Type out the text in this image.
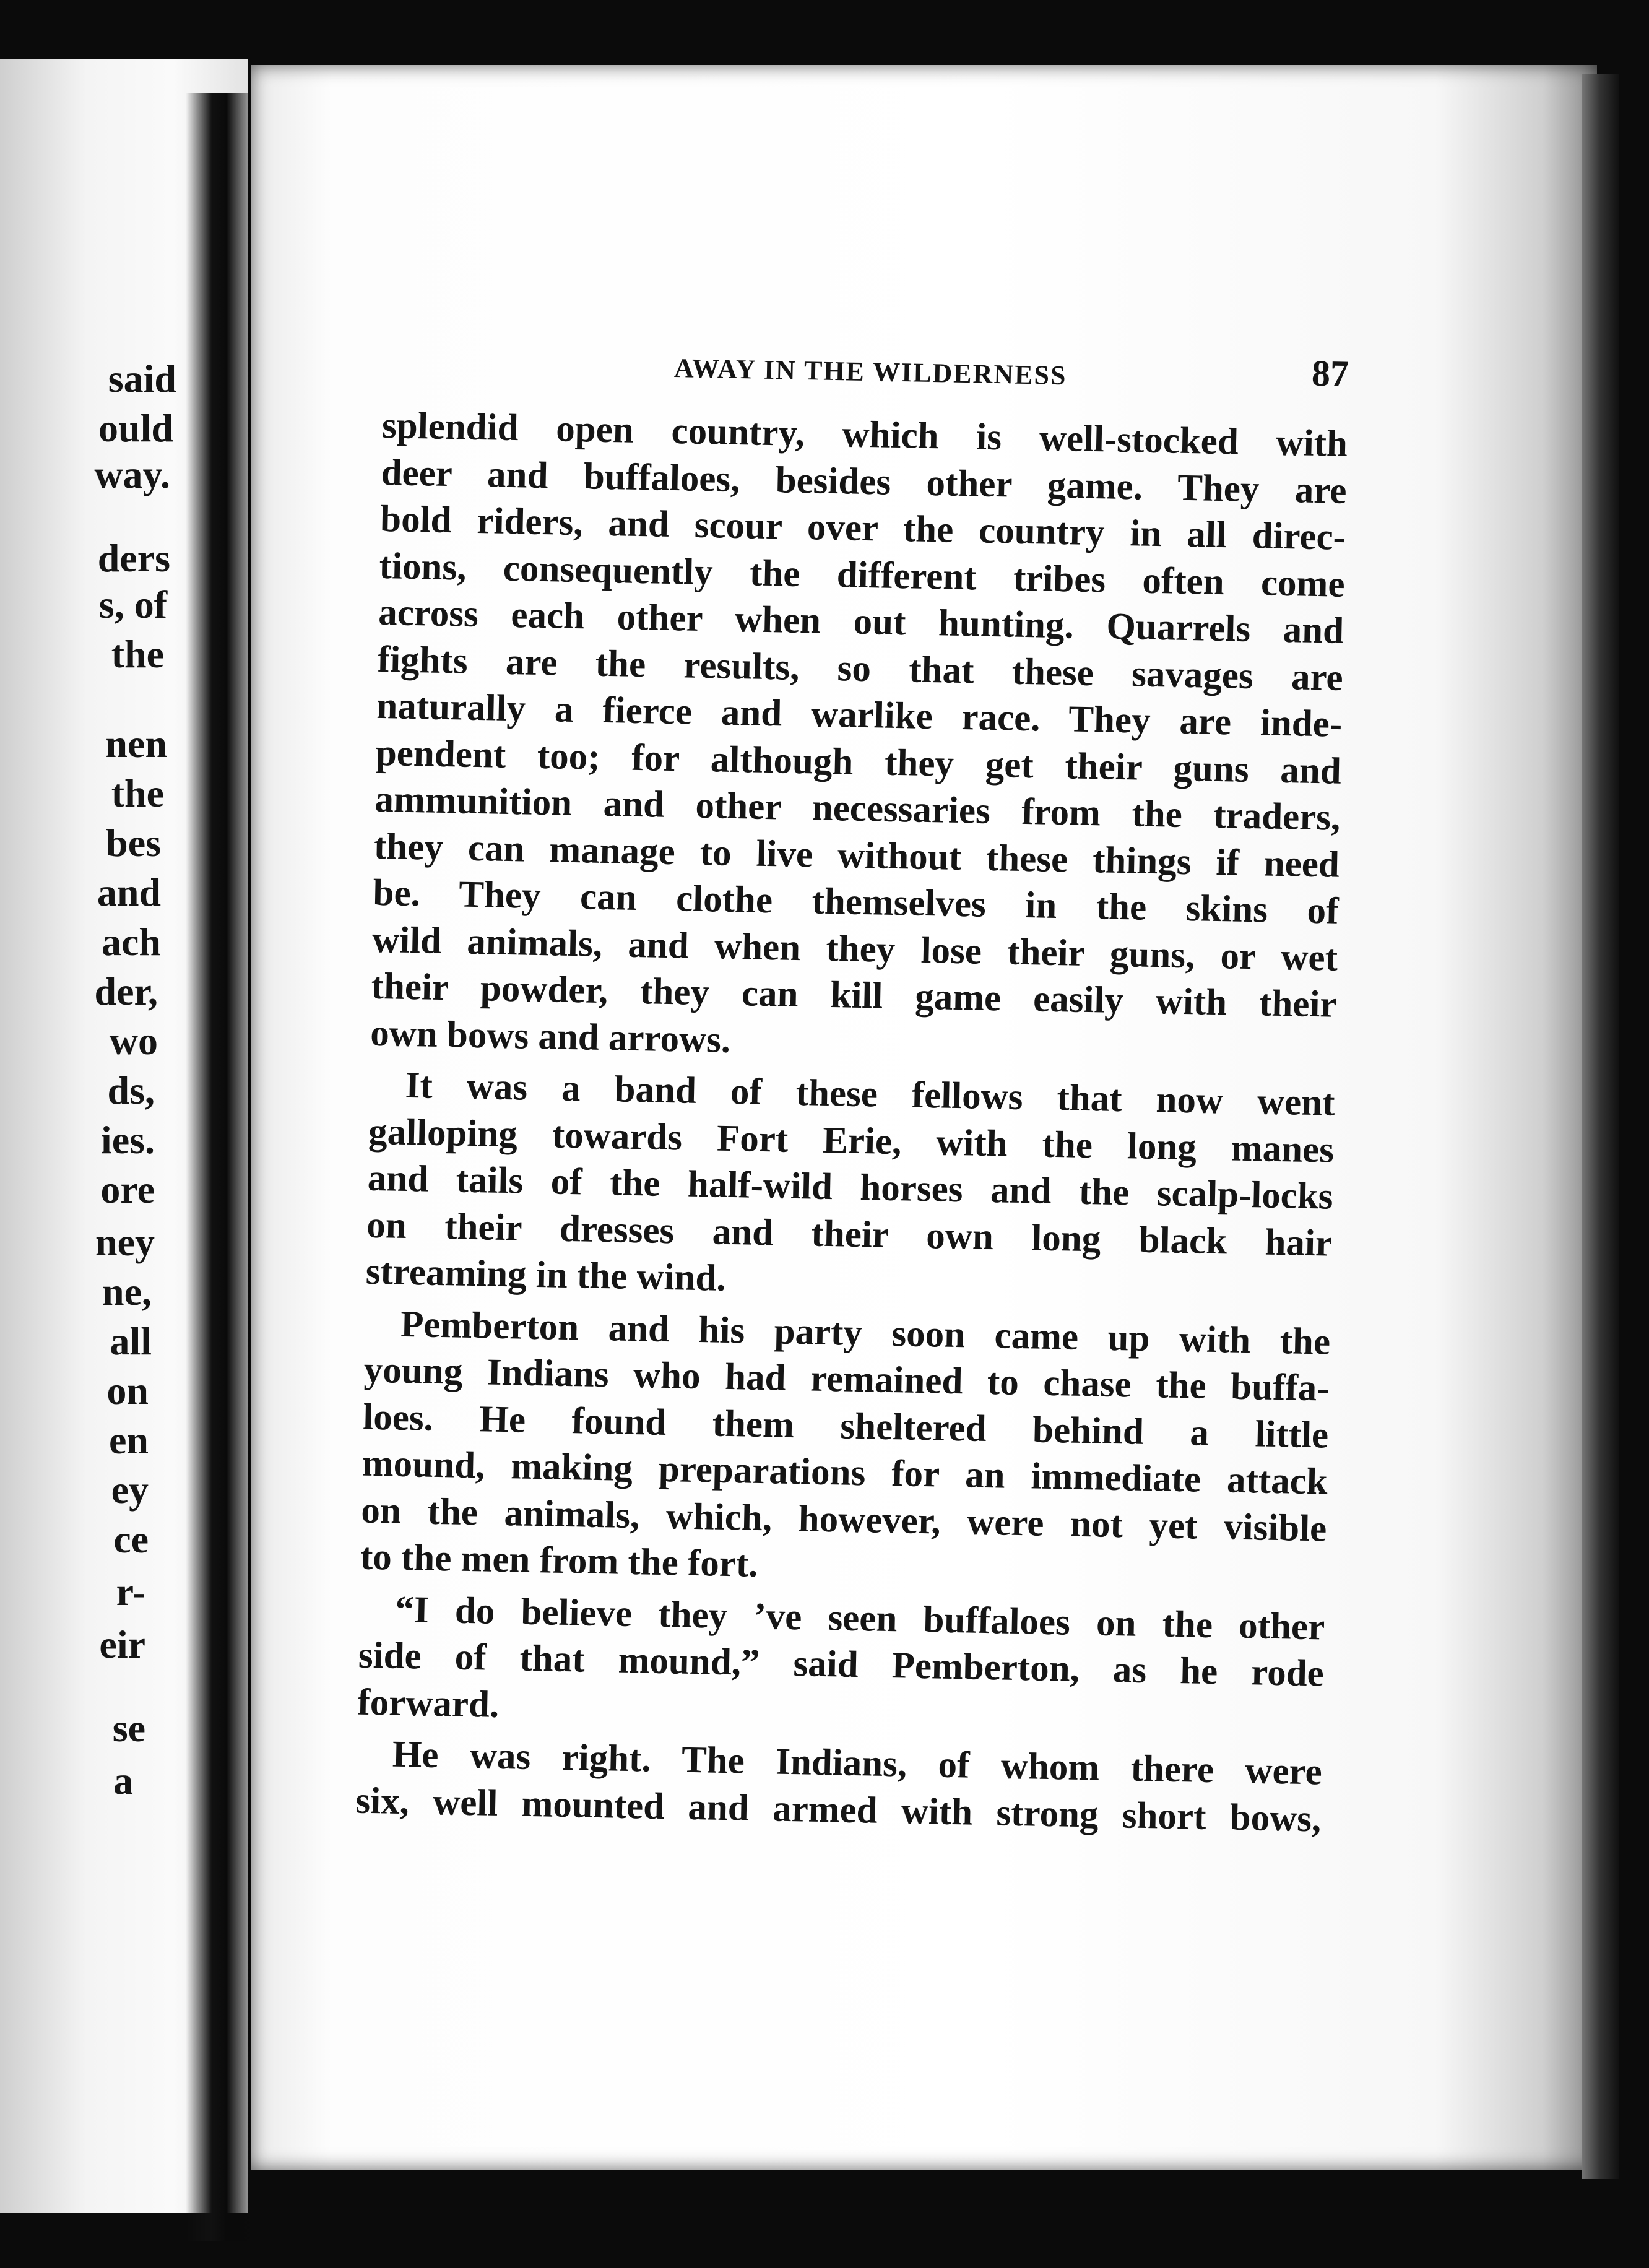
said
ould
way.
ders
s, of
the
nen
the
bes
and
ach
der,
wo
ds,
ies.
ore
ney
ne,
all
on
en
ey
ce
r-
eir
se
a
AWAY IN THE WILDERNESS	87
splendid open country, which is well-stocked with
deer and buffaloes, besides other game. They are
bold riders, and scour over the country in all direc-
tions, consequently the different tribes often come
across each other when out hunting. Quarrels and
fights are the results, so that these savages are
naturally a fierce and warlike race. They are inde-
pendent too; for although they get their guns and
ammunition and other necessaries from the traders,
they can manage to live without these things if need
be. They can clothe themselves in the skins of
wild animals, and when they lose their guns, or wet
their powder, they can kill game easily with their
own bows and arrows.
It was a band of these fellows that now went
galloping towards Fort Erie, with the long manes
and tails of the half-wild horses and the scalp-locks
on their dresses and their own long black hair
streaming in the wind.
Pemberton and his party soon came up with the
young Indians who had remained to chase the buffa-
loes. He found them sheltered behind a little
mound, making preparations for an immediate attack
on the animals, which, however, were not yet visible
to the men from the fort.
“I do believe they ’ve seen buffaloes on the other
side of that mound,” said Pemberton, as he rode
forward.
He was right. The Indians, of whom there were
six, well mounted and armed with strong short bows,
